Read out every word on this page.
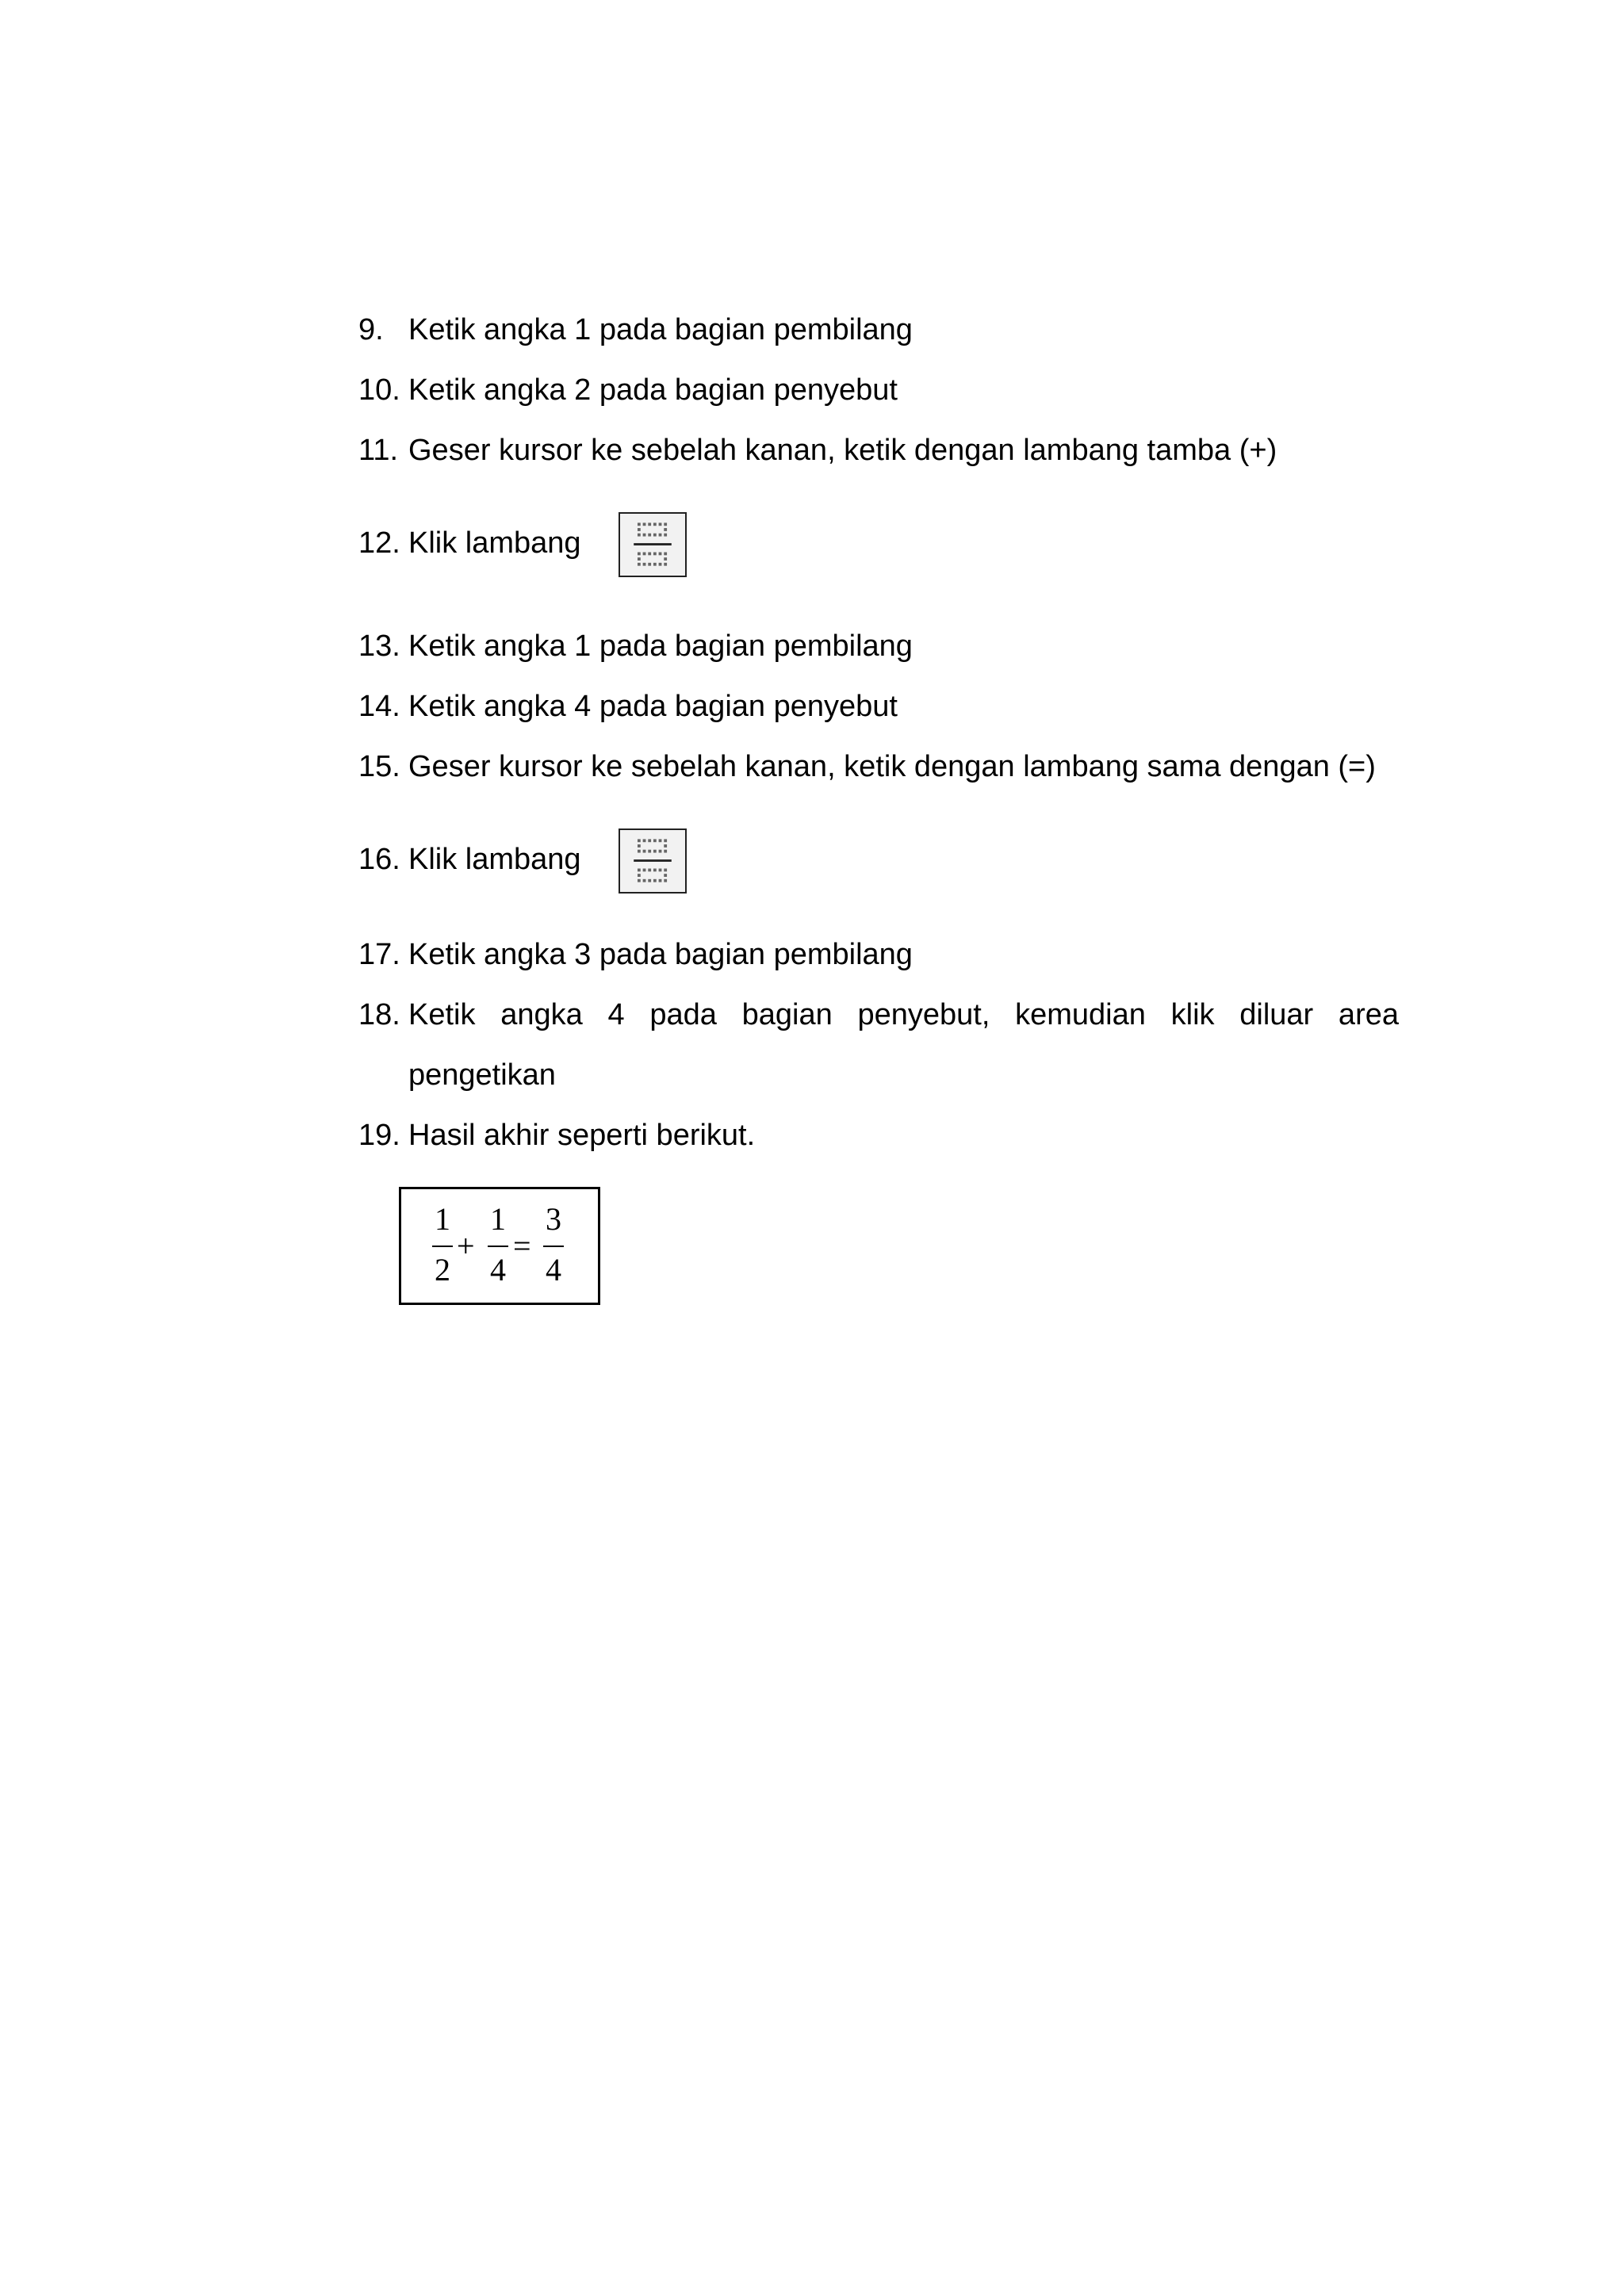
9. Ketik angka 1 pada bagian pembilang
10. Ketik angka 2 pada bagian penyebut
11. Geser kursor ke sebelah kanan, ketik dengan lambang tamba (+)
12. Klik lambang
13. Ketik angka 1 pada bagian pembilang
14. Ketik angka 4 pada bagian penyebut
15. Geser kursor ke sebelah kanan, ketik dengan lambang sama dengan (=)
16. Klik lambang
17. Ketik angka 3 pada bagian pembilang
18. Ketik angka 4 pada bagian penyebut, kemudian klik diluar area
pengetikan
19. Hasil akhir seperti berikut.
1
2
+
1
4
=
3
4
